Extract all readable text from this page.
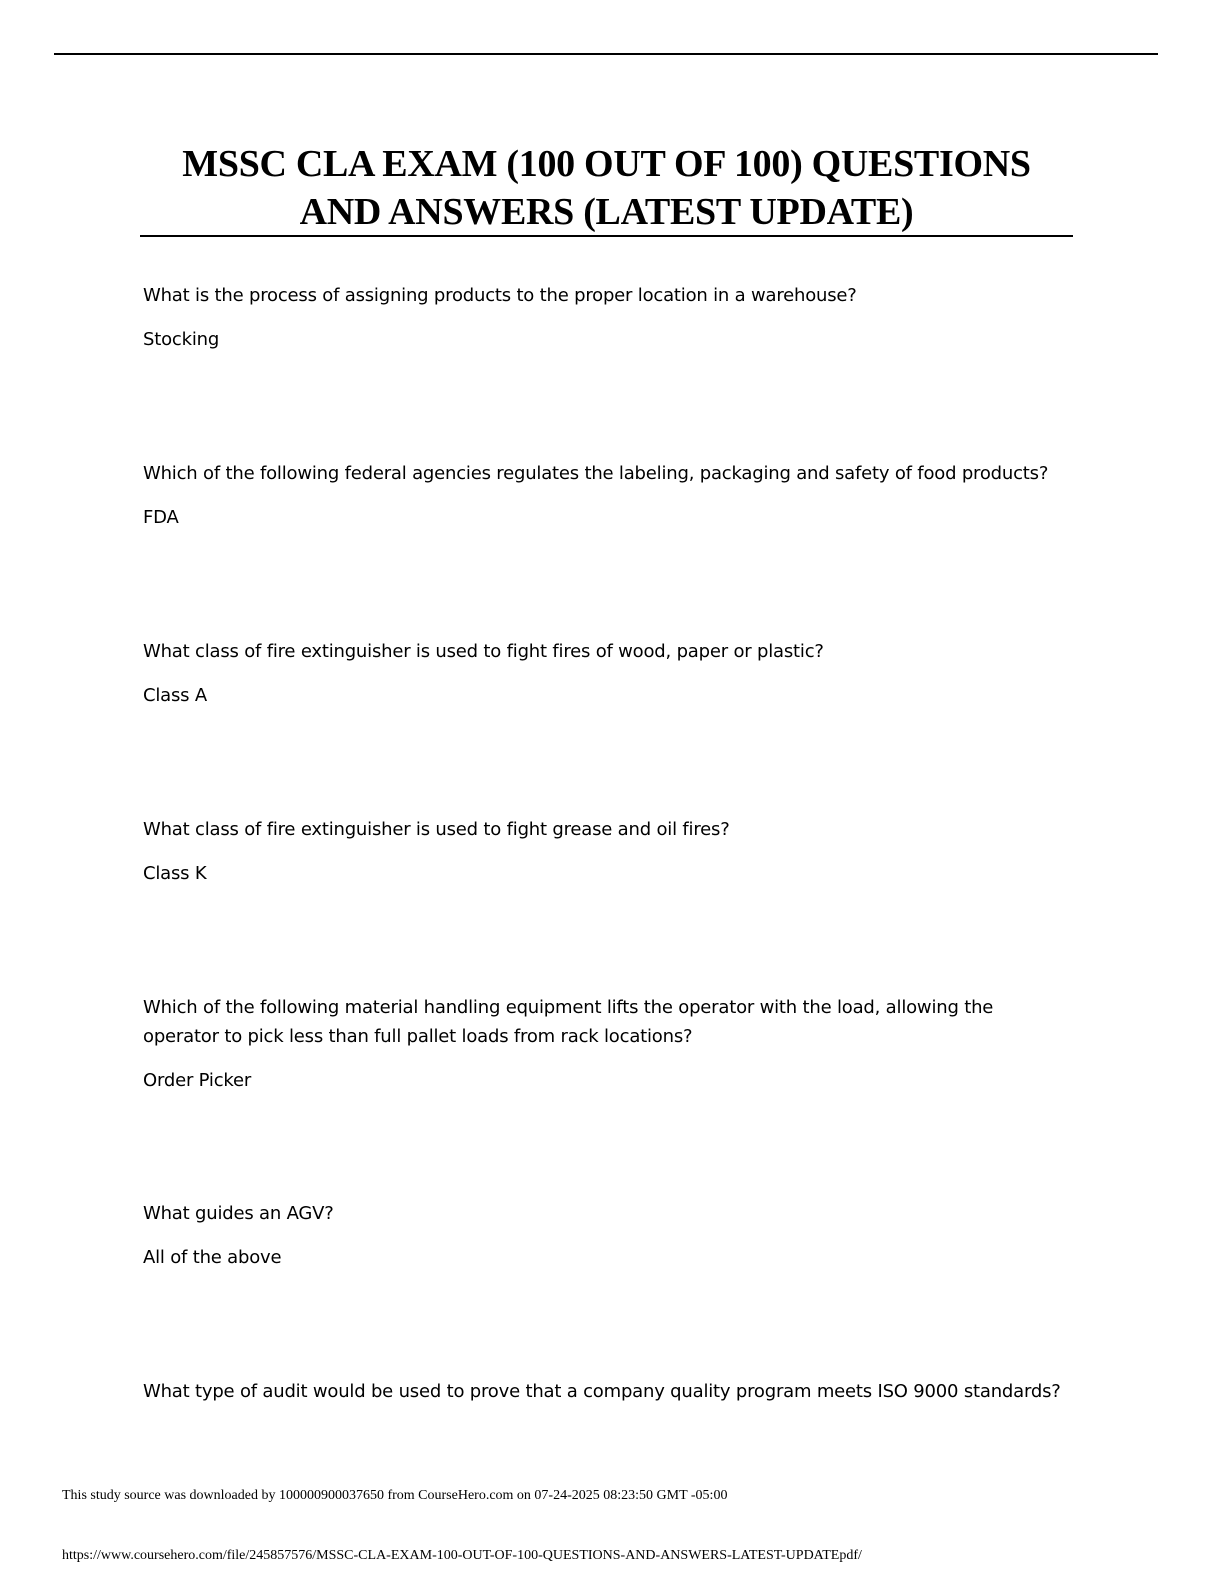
MSSC CLA EXAM (100 OUT OF 100) QUESTIONS
AND ANSWERS (LATEST UPDATE)

What is the process of assigning products to the proper location in a warehouse?

Stocking

Which of the following federal agencies regulates the labeling, packaging and safety of food products?

FDA

What class of fire extinguisher is used to fight fires of wood, paper or plastic?

Class A

What class of fire extinguisher is used to fight grease and oil fires?

Class K

Which of the following material handling equipment lifts the operator with the load, allowing the
operator to pick less than full pallet loads from rack locations?

Order Picker

What guides an AGV?

All of the above

What type of audit would be used to prove that a company quality program meets ISO 9000 standards?

This study source was downloaded by 100000900037650 from CourseHero.com on 07-24-2025 08:23:50 GMT -05:00

https://www.coursehero.com/file/245857576/MSSC-CLA-EXAM-100-OUT-OF-100-QUESTIONS-AND-ANSWERS-LATEST-UPDATEpdf/
